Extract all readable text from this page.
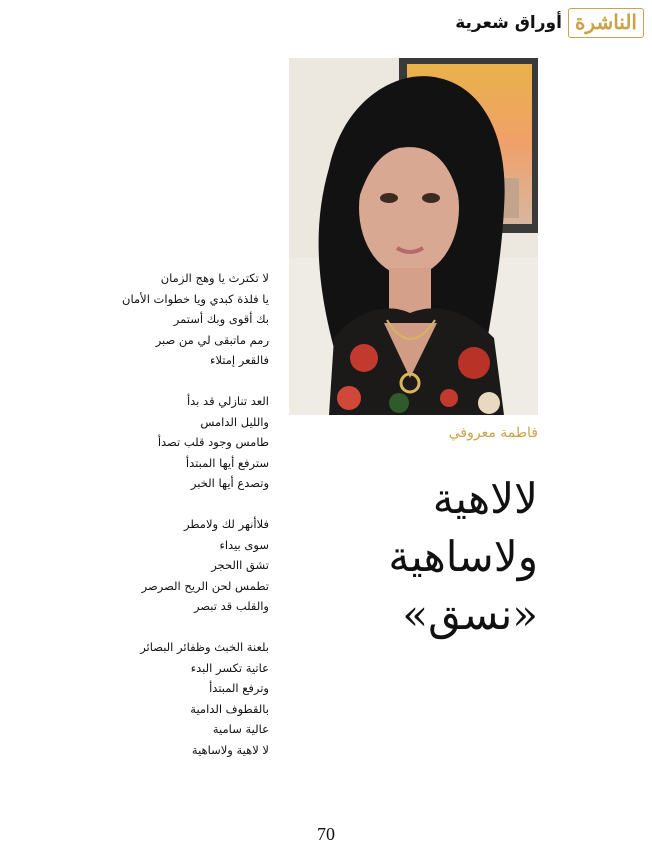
أوراق شعرية الناشرة
فاطمة معروفي
لالاهية
ولاساهية
«نسق»
لا تكترث يا وهج الزمان
يا فلذة كبدي ويا خطوات الأمان
بك أقوى وبك أستمر
رمم ماتبقى لي من صبر
فالقعر إمتلاء
العد تنازلي قد بدأ
والليل الدامس
طامس وجود قلب تصدأ
سترفع أيها المبتدأ
وتصدع أيها الخبر
فلاأنهر لك ولامطر
سوى بيداء
تشق االحجر
تطمس لحن الريح الصرصر
والقلب قد تبصر
بلعنة الخبث وظفائر البصائر
عاتية تكسر البدء
وترفع المبتدأ
بالقطوف الدامية
عالية سامية
لا لاهية ولاساهية
70
